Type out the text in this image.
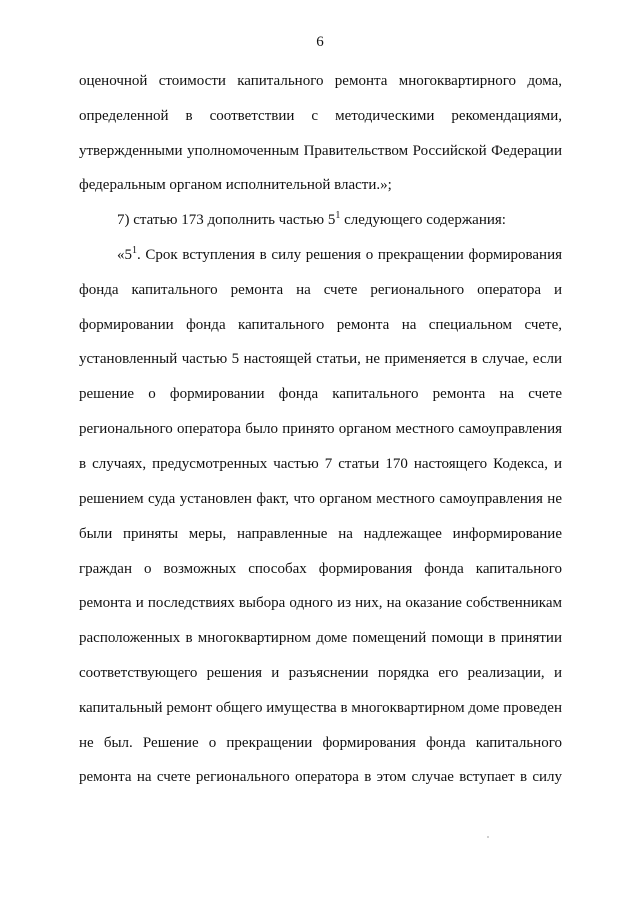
6
оценочной стоимости капитального ремонта многоквартирного дома,
определенной в соответствии с методическими рекомендациями,
утвержденными уполномоченным Правительством Российской Федерации
федеральным органом исполнительной власти.»;
7) статью 173 дополнить частью $5^1$ следующего содержания:
«$5^1$. Срок вступления в силу решения о прекращении формирования
фонда капитального ремонта на счете регионального оператора и
формировании фонда капитального ремонта на специальном счете,
установленный частью 5 настоящей статьи, не применяется в случае, если
решение о формировании фонда капитального ремонта на счете
регионального оператора было принято органом местного самоуправления
в случаях, предусмотренных частью 7 статьи 170 настоящего Кодекса, и
решением суда установлен факт, что органом местного самоуправления не
были приняты меры, направленные на надлежащее информирование
граждан о возможных способах формирования фонда капитального
ремонта и последствиях выбора одного из них, на оказание собственникам
расположенных в многоквартирном доме помещений помощи в принятии
соответствующего решения и разъяснении порядка его реализации, и
капитальный ремонт общего имущества в многоквартирном доме проведен
не был. Решение о прекращении формирования фонда капитального
ремонта на счете регионального оператора в этом случае вступает в силу
